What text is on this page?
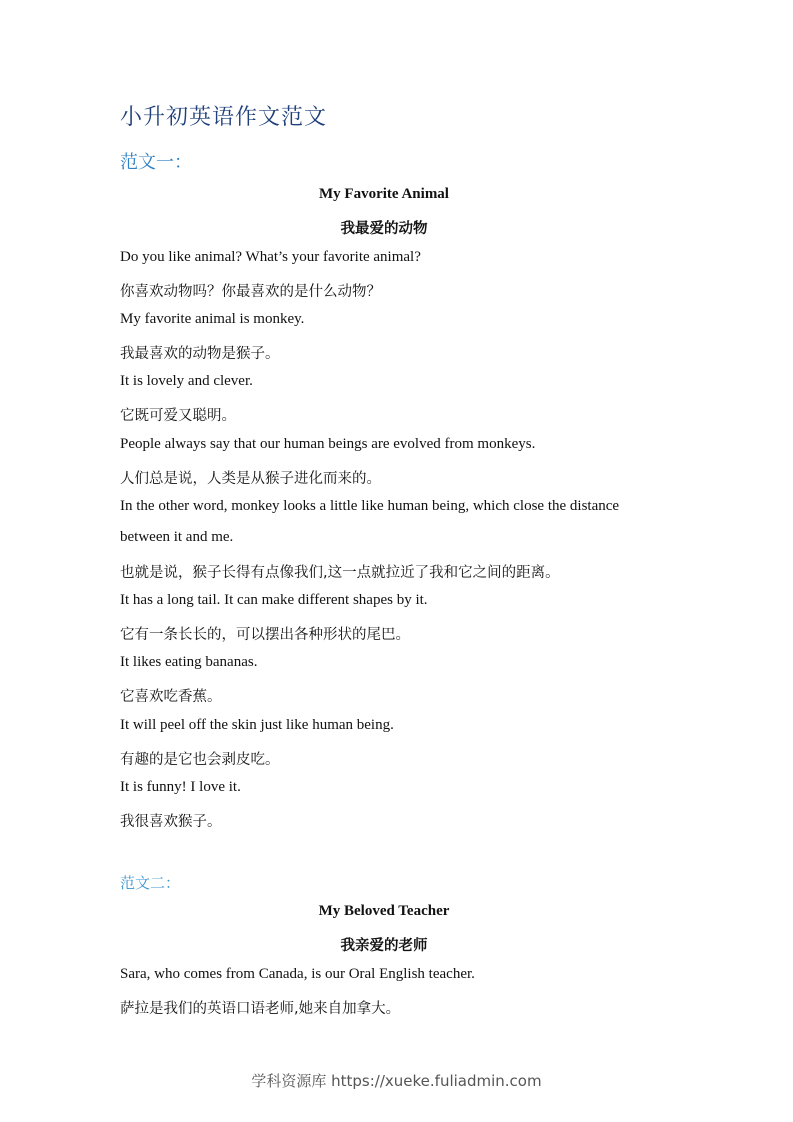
小升初英语作文范文
范文一：
My Favorite Animal
我最爱的动物
Do you like animal? What’s your favorite animal?
你喜欢动物吗？你最喜欢的是什么动物？
My favorite animal is monkey.
我最喜欢的动物是猴子。
It is lovely and clever.
它既可爱又聪明。
People always say that our human beings are evolved from monkeys.
人们总是说，人类是从猴子进化而来的。
In the other word, monkey looks a little like human being, which close the distance
between it and me.
也就是说，猴子长得有点像我们,这一点就拉近了我和它之间的距离。
It has a long tail. It can make different shapes by it.
它有一条长长的，可以摆出各种形状的尾巴。
It likes eating bananas.
它喜欢吃香蕉。
It will peel off the skin just like human being.
有趣的是它也会剥皮吃。
It is funny! I love it.
我很喜欢猴子。
范文二：
My Beloved Teacher
我亲爱的老师
Sara, who comes from Canada, is our Oral English teacher.
萨拉是我们的英语口语老师,她来自加拿大。
学科资源库 https://xueke.fuliadmin.com
